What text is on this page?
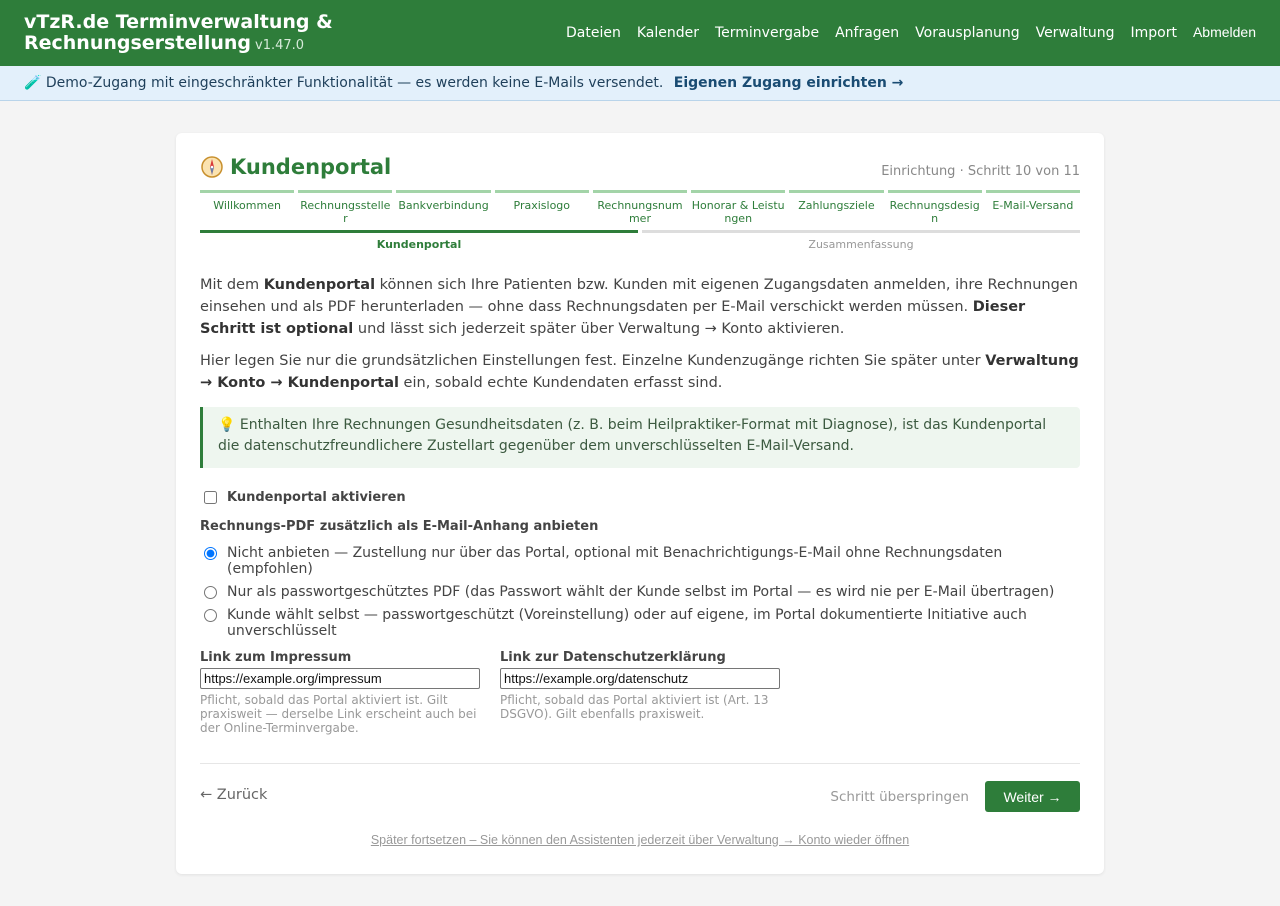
vTzR.de Terminverwaltung &
Rechnungserstellung v1.47.0
Dateien Kalender Terminvergabe Anfragen Vorausplanung Verwaltung Import Abmelden
🧪 Demo-Zugang mit eingeschränkter Funktionalität — es werden keine E-Mails versendet. Eigenen Zugang einrichten →
Kundenportal	Einrichtung · Schritt 10 von 11
Willkommen	Rechnungssteller
Bankverbindung	Praxislogo	Rechnungsnummer
Honorar & Leistungen
Zahlungsziele	Rechnungsdesign
E-Mail-Versand
Kundenportal	Zusammenfassung

Mit dem Kundenportal können sich Ihre Patienten bzw. Kunden mit eigenen Zugangsdaten anmelden, ihre Rechnungen einsehen und als PDF herunterladen — ohne dass Rechnungsdaten per E-Mail verschickt werden müssen. Dieser Schritt ist optional und lässt sich jederzeit später über Verwaltung → Konto aktivieren.

Hier legen Sie nur die grundsätzlichen Einstellungen fest. Einzelne Kundenzugänge richten Sie später unter Verwaltung → Konto → Kundenportal ein, sobald echte Kundendaten erfasst sind.

💡 Enthalten Ihre Rechnungen Gesundheitsdaten (z. B. beim Heilpraktiker-Format mit Diagnose), ist das Kundenportal die datenschutzfreundlichere Zustellart gegenüber dem unverschlüsselten E-Mail-Versand.
Kundenportal aktivieren
Rechnungs-PDF zusätzlich als E-Mail-Anhang anbieten
Nicht anbieten — Zustellung nur über das Portal, optional mit Benachrichtigungs-E-Mail ohne Rechnungsdaten (empfohlen)
Nur als passwortgeschütztes PDF (das Passwort wählt der Kunde selbst im Portal — es wird nie per E-Mail übertragen)
Kunde wählt selbst — passwortgeschützt (Voreinstellung) oder auf eigene, im Portal dokumentierte Initiative auch unverschlüsselt
Link zum Impressum
https://example.org/impressum
Pflicht, sobald das Portal aktiviert ist. Gilt praxisweit — derselbe Link erscheint auch bei der Online-Terminvergabe.
Link zur Datenschutzerklärung
https://example.org/datenschutz
Pflicht, sobald das Portal aktiviert ist (Art. 13 DSGVO). Gilt ebenfalls praxisweit.
← Zurück	Schritt überspringen	Weiter →
Später fortsetzen – Sie können den Assistenten jederzeit über Verwaltung → Konto wieder öffnen
